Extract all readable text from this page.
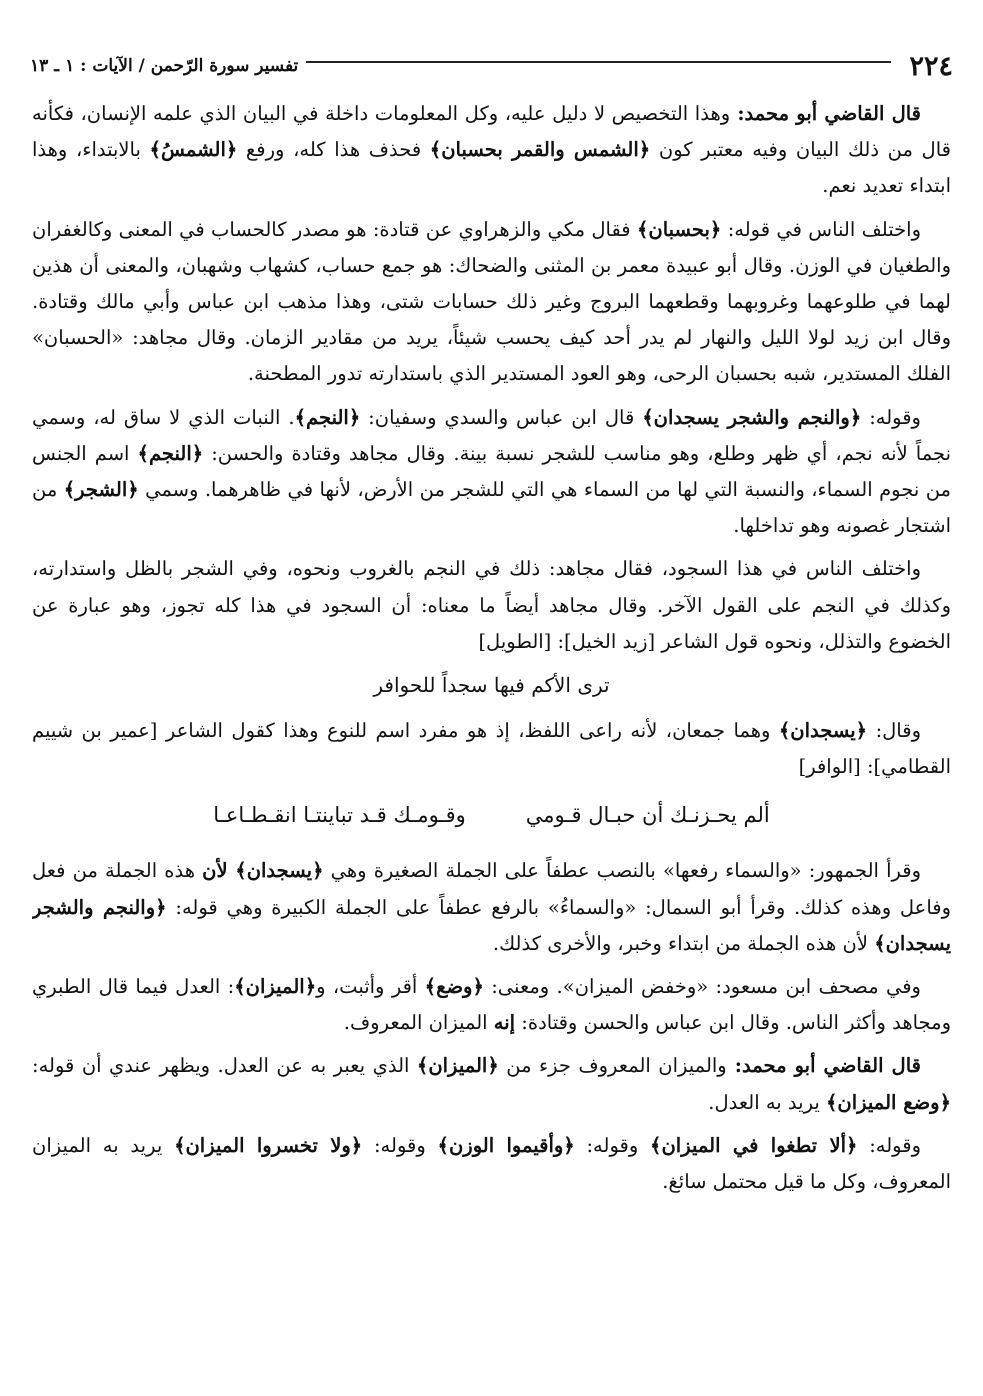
٢٢٤
تفسير سورة الرّحمن / الآيات : ١ ـ ١٣

قال القاضي أبو محمد: وهذا التخصيص لا دليل عليه، وكل المعلومات داخلة في البيان الذي علمه الإنسان، فكأنه قال من ذلك البيان وفيه معتبر كون ﴿الشمس والقمر بحسبان﴾ فحذف هذا كله، ورفع ﴿الشمسُ﴾ بالابتداء، وهذا ابتداء تعديد نعم.

واختلف الناس في قوله: ﴿بحسبان﴾ فقال مكي والزهراوي عن قتادة: هو مصدر كالحساب في المعنى وكالغفران والطغيان في الوزن. وقال أبو عبيدة معمر بن المثنى والضحاك: هو جمع حساب، كشهاب وشهبان، والمعنى أن هذين لهما في طلوعهما وغروبهما وقطعهما البروج وغير ذلك حسابات شتى، وهذا مذهب ابن عباس وأبي مالك وقتادة. وقال ابن زيد لولا الليل والنهار لم يدر أحد كيف يحسب شيئاً، يريد من مقادير الزمان. وقال مجاهد: «الحسبان» الفلك المستدير، شبه بحسبان الرحى، وهو العود المستدير الذي باستدارته تدور المطحنة.

وقوله: ﴿والنجم والشجر يسجدان﴾ قال ابن عباس والسدي وسفيان: ﴿النجم﴾. النبات الذي لا ساق له، وسمي نجماً لأنه نجم، أي ظهر وطلع، وهو مناسب للشجر نسبة بينة. وقال مجاهد وقتادة والحسن: ﴿النجم﴾ اسم الجنس من نجوم السماء، والنسبة التي لها من السماء هي التي للشجر من الأرض، لأنها في ظاهرهما. وسمي ﴿الشجر﴾ من اشتجار غصونه وهو تداخلها.

واختلف الناس في هذا السجود، فقال مجاهد: ذلك في النجم بالغروب ونحوه، وفي الشجر بالظل واستدارته، وكذلك في النجم على القول الآخر. وقال مجاهد أيضاً ما معناه: أن السجود في هذا كله تجوز، وهو عبارة عن الخضوع والتذلل، ونحوه قول الشاعر [زيد الخيل]: [الطويل]

ترى الأكم فيها سجداً للحوافر

وقال: ﴿يسجدان﴾ وهما جمعان، لأنه راعى اللفظ، إذ هو مفرد اسم للنوع وهذا كقول الشاعر [عمير بن شييم القطامي]: [الوافر]

ألم يحـزنـك أن حبـال قـومي
وقـومـك قـد تباينتـا انقـطـاعـا

وقرأ الجمهور: «والسماء رفعها» بالنصب عطفاً على الجملة الصغيرة وهي ﴿يسجدان﴾ لأن هذه الجملة من فعل وفاعل وهذه كذلك. وقرأ أبو السمال: «والسماءُ» بالرفع عطفاً على الجملة الكبيرة وهي قوله: ﴿والنجم والشجر يسجدان﴾ لأن هذه الجملة من ابتداء وخبر، والأخرى كذلك.

وفي مصحف ابن مسعود: «وخفض الميزان». ومعنى: ﴿وضع﴾ أقر وأثبت، و﴿الميزان﴾: العدل فيما قال الطبري ومجاهد وأكثر الناس. وقال ابن عباس والحسن وقتادة: إنه الميزان المعروف.

قال القاضي أبو محمد: والميزان المعروف جزء من ﴿الميزان﴾ الذي يعبر به عن العدل. ويظهر عندي أن قوله: ﴿وضع الميزان﴾ يريد به العدل.

وقوله: ﴿ألا تطغوا في الميزان﴾ وقوله: ﴿وأقيموا الوزن﴾ وقوله: ﴿ولا تخسروا الميزان﴾ يريد به الميزان المعروف، وكل ما قيل محتمل سائغ.
